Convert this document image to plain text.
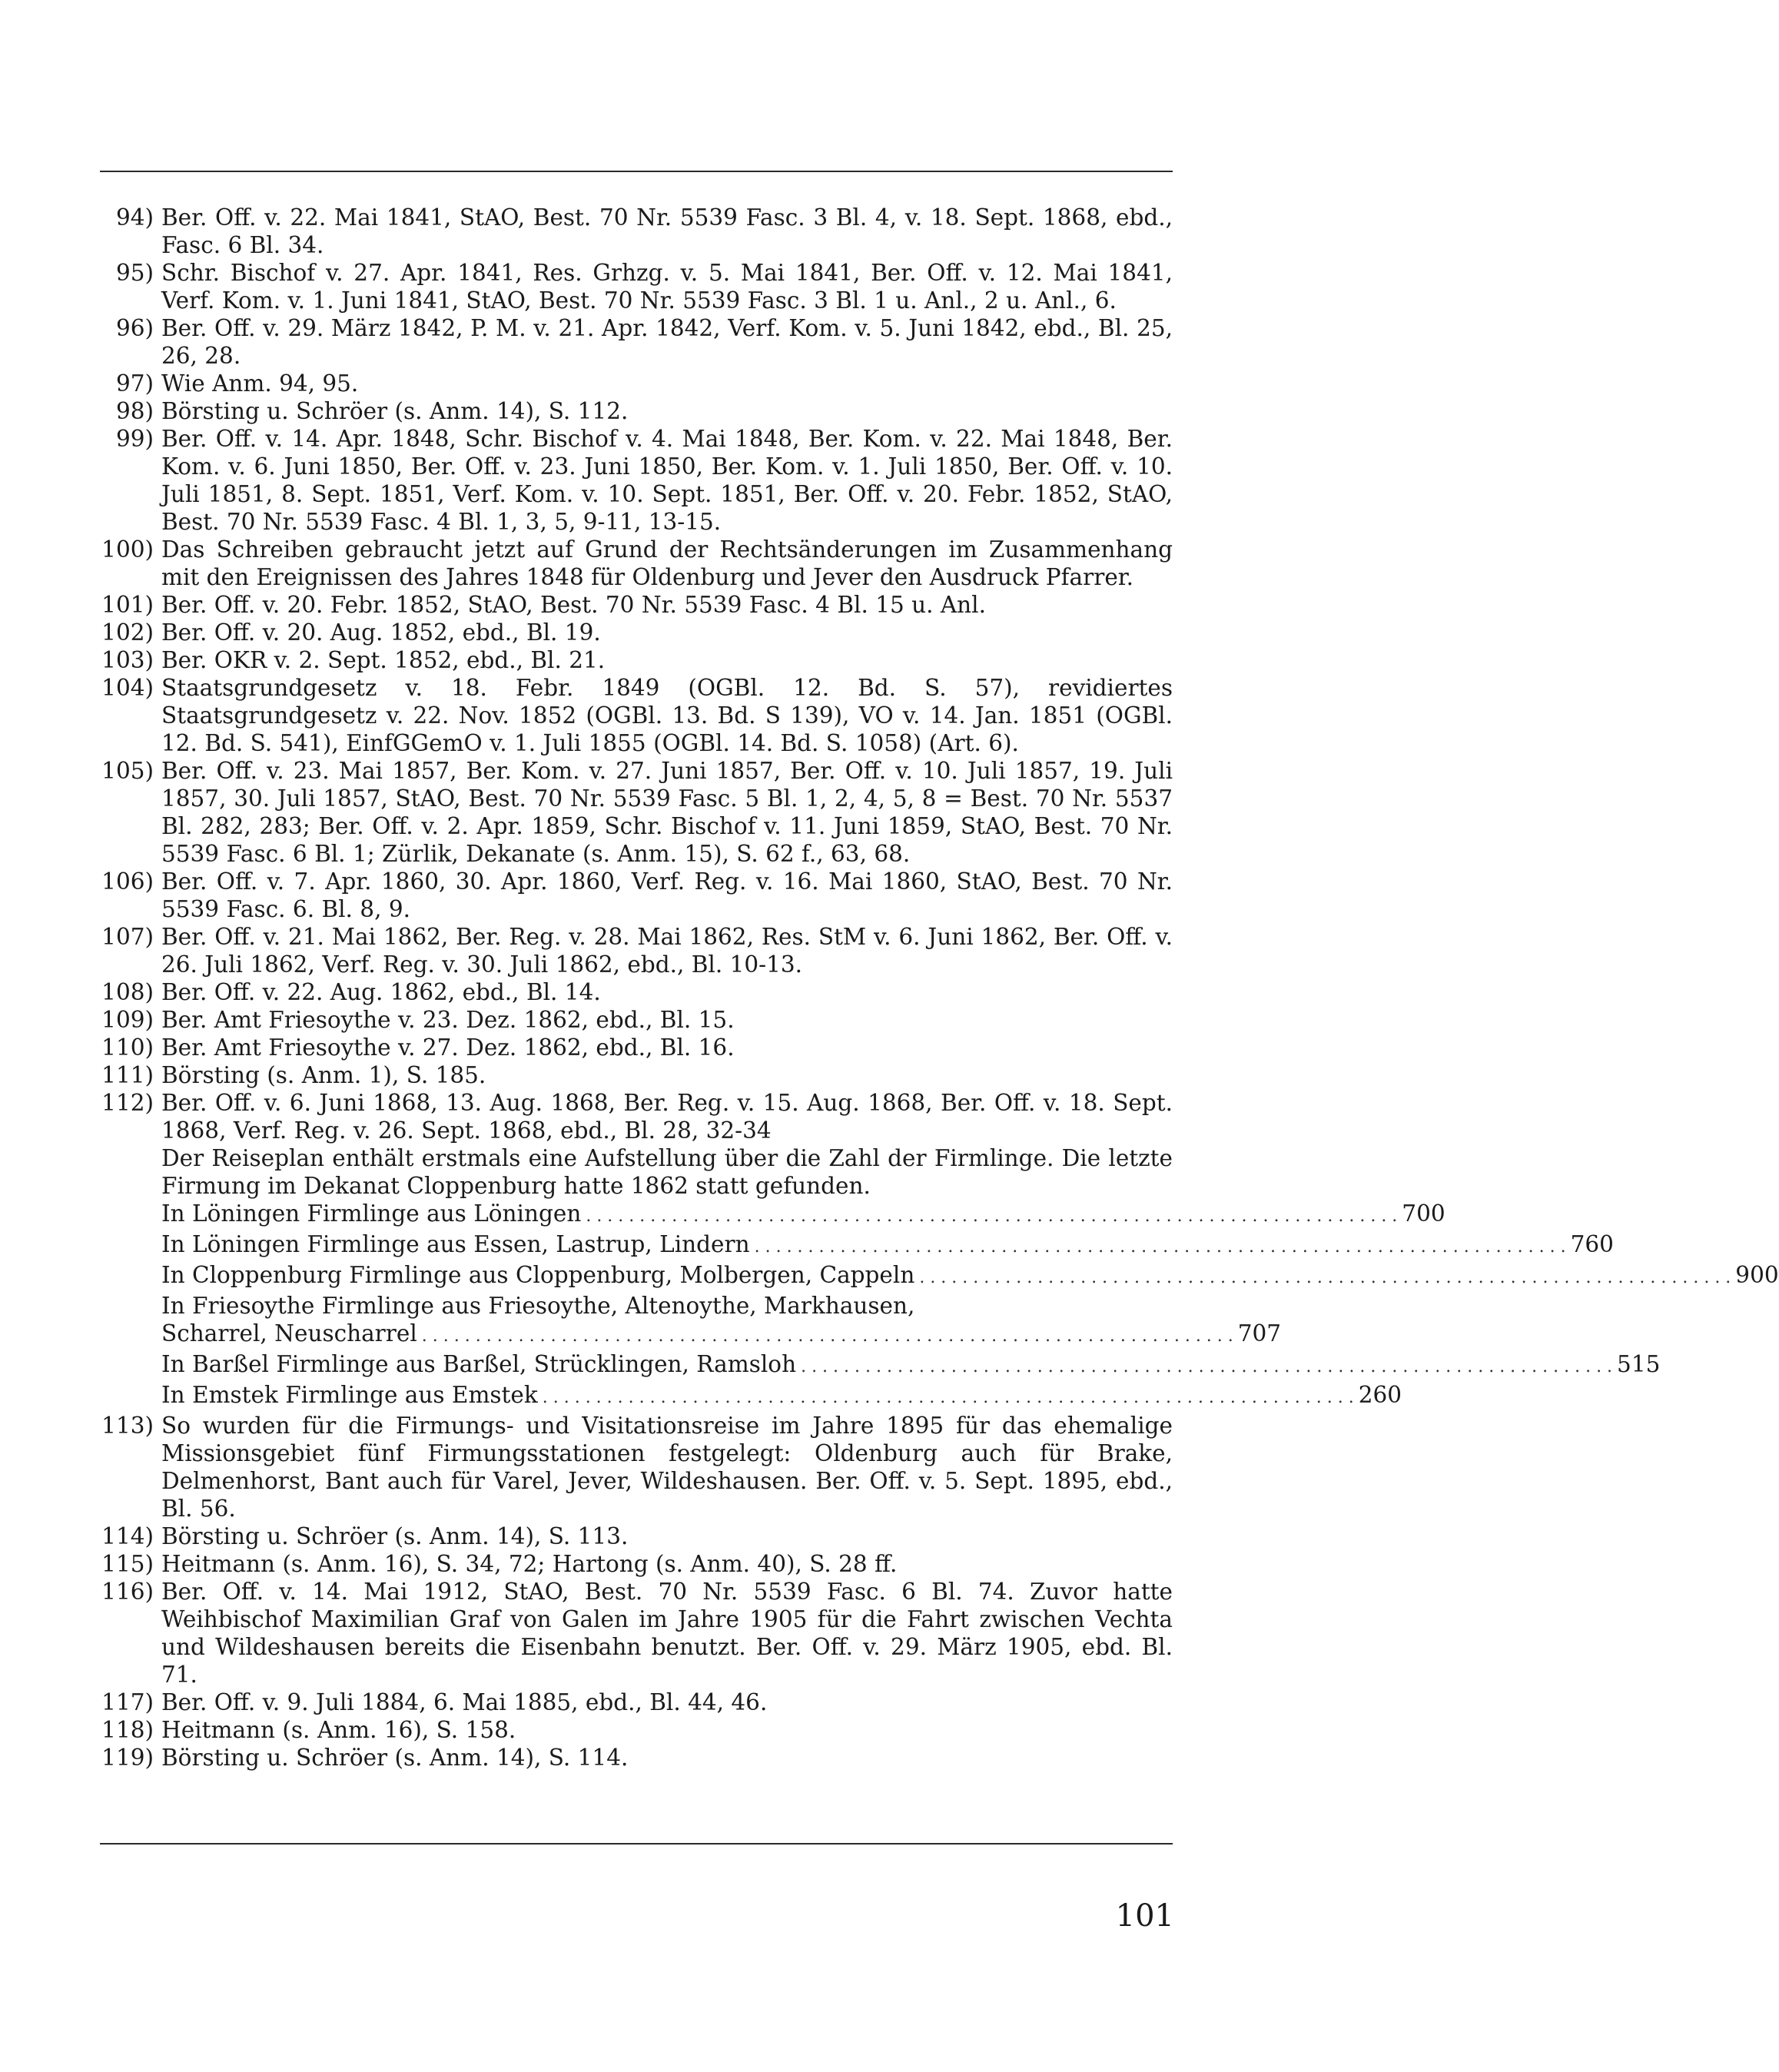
94) Ber. Off. v. 22. Mai 1841, StAO, Best. 70 Nr. 5539 Fasc. 3 Bl. 4, v. 18. Sept. 1868, ebd., Fasc. 6 Bl. 34.

95) Schr. Bischof v. 27. Apr. 1841, Res. Grhzg. v. 5. Mai 1841, Ber. Off. v. 12. Mai 1841, Verf. Kom. v. 1. Juni 1841, StAO, Best. 70 Nr. 5539 Fasc. 3 Bl. 1 u. Anl., 2 u. Anl., 6.

96) Ber. Off. v. 29. März 1842, P. M. v. 21. Apr. 1842, Verf. Kom. v. 5. Juni 1842, ebd., Bl. 25, 26, 28.

97) Wie Anm. 94, 95.

98) Börsting u. Schröer (s. Anm. 14), S. 112.

99) Ber. Off. v. 14. Apr. 1848, Schr. Bischof v. 4. Mai 1848, Ber. Kom. v. 22. Mai 1848, Ber. Kom. v. 6. Juni 1850, Ber. Off. v. 23. Juni 1850, Ber. Kom. v. 1. Juli 1850, Ber. Off. v. 10. Juli 1851, 8. Sept. 1851, Verf. Kom. v. 10. Sept. 1851, Ber. Off. v. 20. Febr. 1852, StAO, Best. 70 Nr. 5539 Fasc. 4 Bl. 1, 3, 5, 9-11, 13-15.

100) Das Schreiben gebraucht jetzt auf Grund der Rechtsänderungen im Zusammenhang mit den Ereignissen des Jahres 1848 für Oldenburg und Jever den Ausdruck Pfarrer.

101) Ber. Off. v. 20. Febr. 1852, StAO, Best. 70 Nr. 5539 Fasc. 4 Bl. 15 u. Anl.

102) Ber. Off. v. 20. Aug. 1852, ebd., Bl. 19.

103) Ber. OKR v. 2. Sept. 1852, ebd., Bl. 21.

104) Staatsgrundgesetz v. 18. Febr. 1849 (OGBl. 12. Bd. S. 57), revidiertes Staatsgrundgesetz v. 22. Nov. 1852 (OGBl. 13. Bd. S 139), VO v. 14. Jan. 1851 (OGBl. 12. Bd. S. 541), EinfGGemO v. 1. Juli 1855 (OGBl. 14. Bd. S. 1058) (Art. 6).

105) Ber. Off. v. 23. Mai 1857, Ber. Kom. v. 27. Juni 1857, Ber. Off. v. 10. Juli 1857, 19. Juli 1857, 30. Juli 1857, StAO, Best. 70 Nr. 5539 Fasc. 5 Bl. 1, 2, 4, 5, 8 = Best. 70 Nr. 5537 Bl. 282, 283; Ber. Off. v. 2. Apr. 1859, Schr. Bischof v. 11. Juni 1859, StAO, Best. 70 Nr. 5539 Fasc. 6 Bl. 1; Zürlik, Dekanate (s. Anm. 15), S. 62 f., 63, 68.

106) Ber. Off. v. 7. Apr. 1860, 30. Apr. 1860, Verf. Reg. v. 16. Mai 1860, StAO, Best. 70 Nr. 5539 Fasc. 6. Bl. 8, 9.

107) Ber. Off. v. 21. Mai 1862, Ber. Reg. v. 28. Mai 1862, Res. StM v. 6. Juni 1862, Ber. Off. v. 26. Juli 1862, Verf. Reg. v. 30. Juli 1862, ebd., Bl. 10-13.

108) Ber. Off. v. 22. Aug. 1862, ebd., Bl. 14.

109) Ber. Amt Friesoythe v. 23. Dez. 1862, ebd., Bl. 15.

110) Ber. Amt Friesoythe v. 27. Dez. 1862, ebd., Bl. 16.

111) Börsting (s. Anm. 1), S. 185.

112) Ber. Off. v. 6. Juni 1868, 13. Aug. 1868, Ber. Reg. v. 15. Aug. 1868, Ber. Off. v. 18. Sept. 1868, Verf. Reg. v. 26. Sept. 1868, ebd., Bl. 28, 32-34

Der Reiseplan enthält erstmals eine Aufstellung über die Zahl der Firmlinge. Die letzte Firmung im Dekanat Cloppenburg hatte 1862 statt gefunden.

In Löningen Firmlinge aus Löningen . . . . . . . . . . . . . . . . . . . . . . . . . . . . . . . . . . . . . . . . . . . . . . . . . . . . . . . . . . . . . . . . . . . . . . . . . . . . 700
In Löningen Firmlinge aus Essen, Lastrup, Lindern . . . . . . . . . . . . . . . . . . . . . . . . . . . . . . . . . . . . . . . . . . . . . . . . . . . . . . . . . . . . . . . . . . . . . . . . . . . . 760
In Cloppenburg Firmlinge aus Cloppenburg, Molbergen, Cappeln . . . . . . . . . . . . . . . . . . . . . . . . . . . . . . . . . . . . . . . . . . . . . . . . . . . . . . . . . . . . . . . . . . . . . . . . . . . . 900

In Friesoythe Firmlinge aus Friesoythe, Altenoythe, Markhausen,

Scharrel, Neuscharrel . . . . . . . . . . . . . . . . . . . . . . . . . . . . . . . . . . . . . . . . . . . . . . . . . . . . . . . . . . . . . . . . . . . . . . . . . . . . 707
In Barßel Firmlinge aus Barßel, Strücklingen, Ramsloh . . . . . . . . . . . . . . . . . . . . . . . . . . . . . . . . . . . . . . . . . . . . . . . . . . . . . . . . . . . . . . . . . . . . . . . . . . . . 515
In Emstek Firmlinge aus Emstek . . . . . . . . . . . . . . . . . . . . . . . . . . . . . . . . . . . . . . . . . . . . . . . . . . . . . . . . . . . . . . . . . . . . . . . . . . . . 260
113) So wurden für die Firmungs- und Visitationsreise im Jahre 1895 für das ehemalige Missionsgebiet fünf Firmungsstationen festgelegt: Oldenburg auch für Brake, Delmenhorst, Bant auch für Varel, Jever, Wildeshausen. Ber. Off. v. 5. Sept. 1895, ebd., Bl. 56.

114) Börsting u. Schröer (s. Anm. 14), S. 113.

115) Heitmann (s. Anm. 16), S. 34, 72; Hartong (s. Anm. 40), S. 28 ff.

116) Ber. Off. v. 14. Mai 1912, StAO, Best. 70 Nr. 5539 Fasc. 6 Bl. 74. Zuvor hatte Weihbischof Maximilian Graf von Galen im Jahre 1905 für die Fahrt zwischen Vechta und Wildeshausen bereits die Eisenbahn benutzt. Ber. Off. v. 29. März 1905, ebd. Bl. 71.

117) Ber. Off. v. 9. Juli 1884, 6. Mai 1885, ebd., Bl. 44, 46.

118) Heitmann (s. Anm. 16), S. 158.

119) Börsting u. Schröer (s. Anm. 14), S. 114.

101
